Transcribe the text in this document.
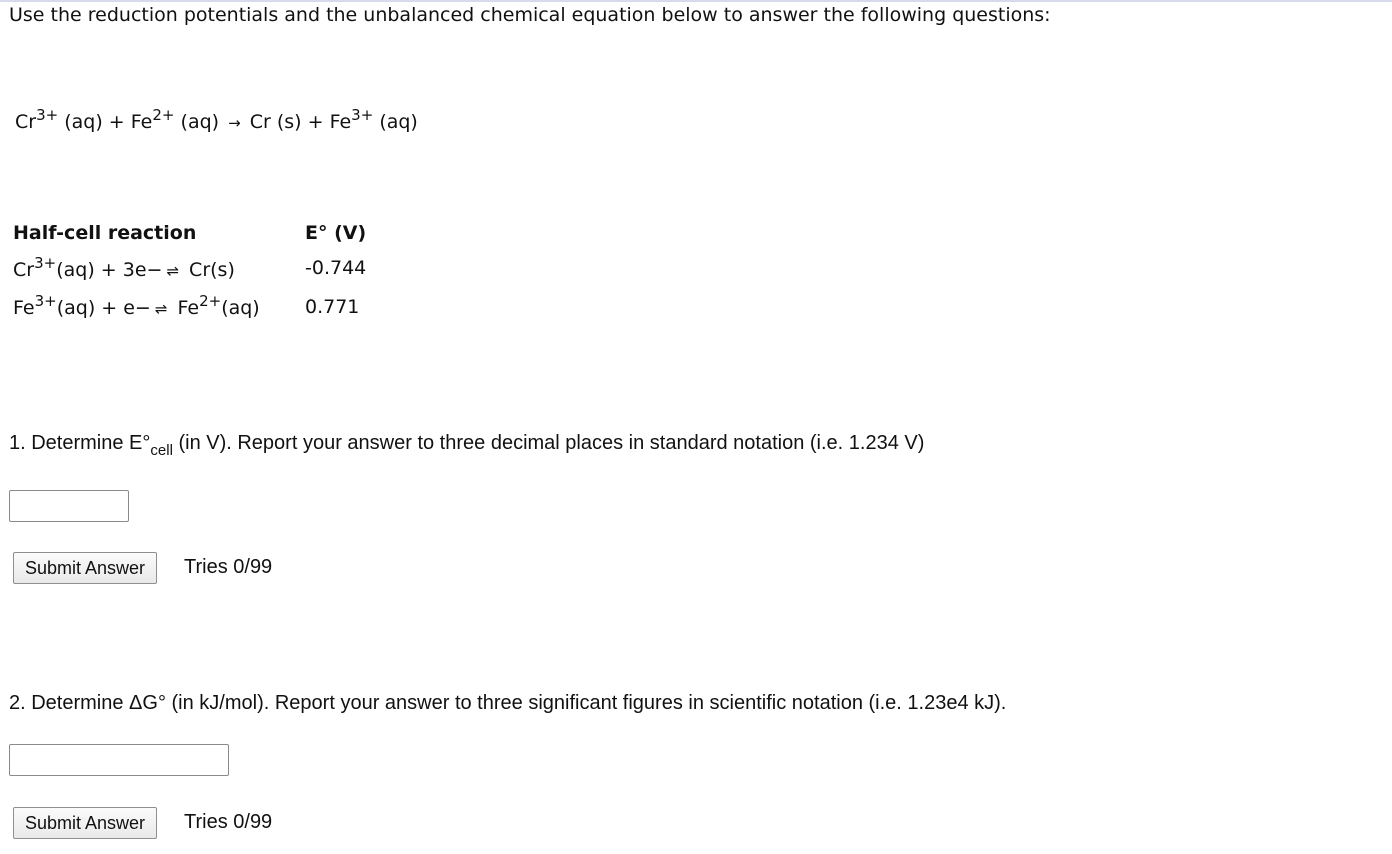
Use the reduction potentials and the unbalanced chemical equation below to answer the following questions:
$Cr^{3+}$ $(aq) + Fe^{2+}$ (aq) → Cr $(s) + Fe^{3+}$ (aq)
Half-cell reaction	E° (V)
$Cr^{3+}(aq) + 3e-$ ⇌ Cr(s)	-0.744
$Fe^{3+}(aq) + e-$ ⇌ $Fe^{2+}(aq)$ 0.771
1. Determine $E^\circ_{cell}$ (in V). Report your answer to three decimal places in standard notation (i.e. 1.234 V)
Submit Answer	Tries 0/99
2. Determine ΔG° (in kJ/mol). Report your answer to three significant figures in scientific notation (i.e. 1.23e4 kJ).
Submit Answer	Tries 0/99
